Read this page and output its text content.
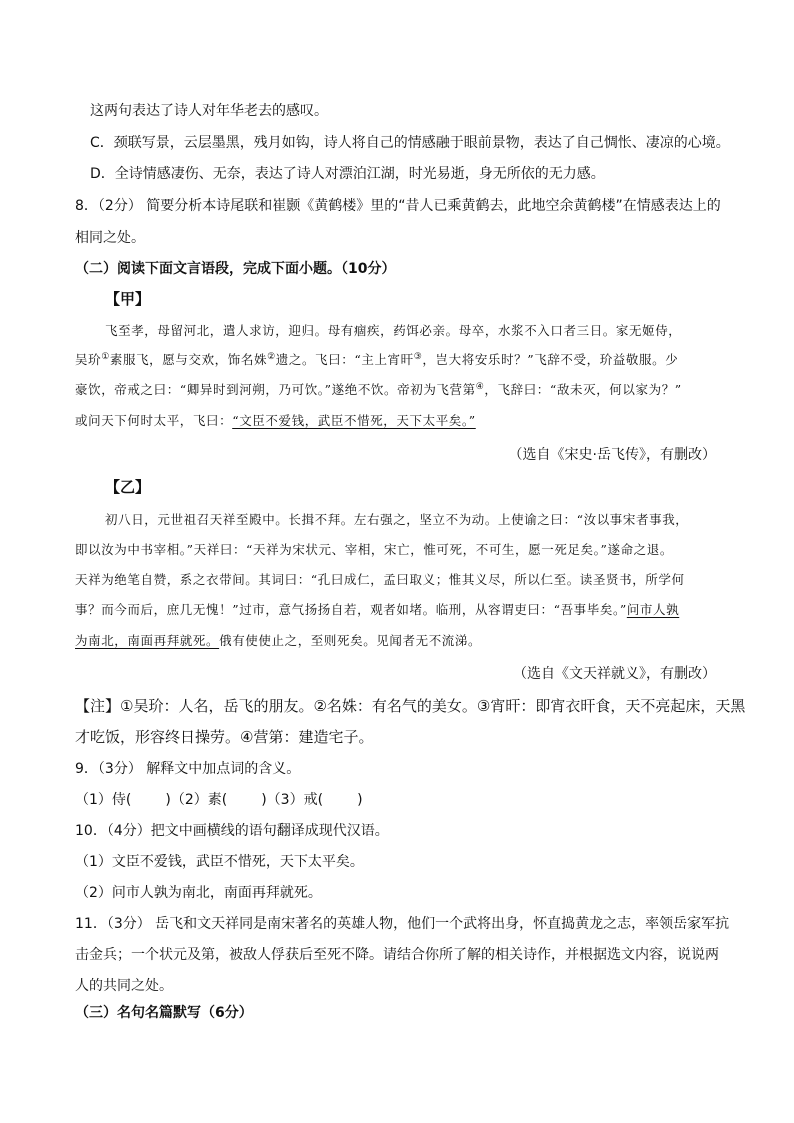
这两句表达了诗人对年华老去的感叹。
C．颈联写景，云层墨黑，残月如钩，诗人将自己的情感融于眼前景物，表达了自己惆怅、凄凉的心境。
D．全诗情感凄伤、无奈，表达了诗人对漂泊江湖，时光易逝，身无所依的无力感。
8．（2分） 简要分析本诗尾联和崔颢《黄鹤楼》里的“昔人已乘黄鹤去，此地空余黄鹤楼”在情感表达上的
相同之处。
（二）阅读下面文言语段，完成下面小题。（10分）
【甲】
飞至孝，母留河北，遣人求访，迎归。母有痼疾，药饵必亲。母卒，水浆不入口者三日。家无姬侍，
吴玠①素服飞，愿与交欢，饰名姝②遗之。飞曰：“主上宵旰③，岂大将安乐时？”飞辞不受，玠益敬服。少
豪饮，帝戒之曰：“卿异时到河朔，乃可饮。”遂绝不饮。帝初为飞营第④，飞辞曰：“敌未灭，何以家为？”
或问天下何时太平，飞曰：“文臣不爱钱，武臣不惜死，天下太平矣。”
（选自《宋史·岳飞传》，有删改）
【乙】
初八日，元世祖召天祥至殿中。长揖不拜。左右强之，坚立不为动。上使谕之曰：“汝以事宋者事我，
即以汝为中书宰相。”天祥曰：“天祥为宋状元、宰相，宋亡，惟可死，不可生，愿一死足矣。”遂命之退。
天祥为绝笔自赞，系之衣带间。其词曰：“孔曰成仁，孟曰取义；惟其义尽，所以仁至。读圣贤书，所学何
事？而今而后，庶几无愧！”过市，意气扬扬自若，观者如堵。临刑，从容谓吏曰：“吾事毕矣。”问市人孰
为南北，南面再拜就死。俄有使使止之，至则死矣。见闻者无不流涕。
（选自《文天祥就义》，有删改）
【注】①吴玠：人名，岳飞的朋友。②名姝：有名气的美女。③宵旰：即宵衣旰食，天不亮起床，天黑
才吃饭，形容终日操劳。④营第：建造宅子。
9．（3分） 解释文中加点词的含义。
（1）侍( )（2）素( )（3）戒( )
10．（4分）把文中画横线的语句翻译成现代汉语。
（1）文臣不爱钱，武臣不惜死，天下太平矣。
（2）问市人孰为南北，南面再拜就死。
11．（3分） 岳飞和文天祥同是南宋著名的英雄人物，他们一个武将出身，怀直捣黄龙之志，率领岳家军抗
击金兵；一个状元及第，被敌人俘获后至死不降。请结合你所了解的相关诗作，并根据选文内容，说说两
人的共同之处。
（三）名句名篇默写（6分）
